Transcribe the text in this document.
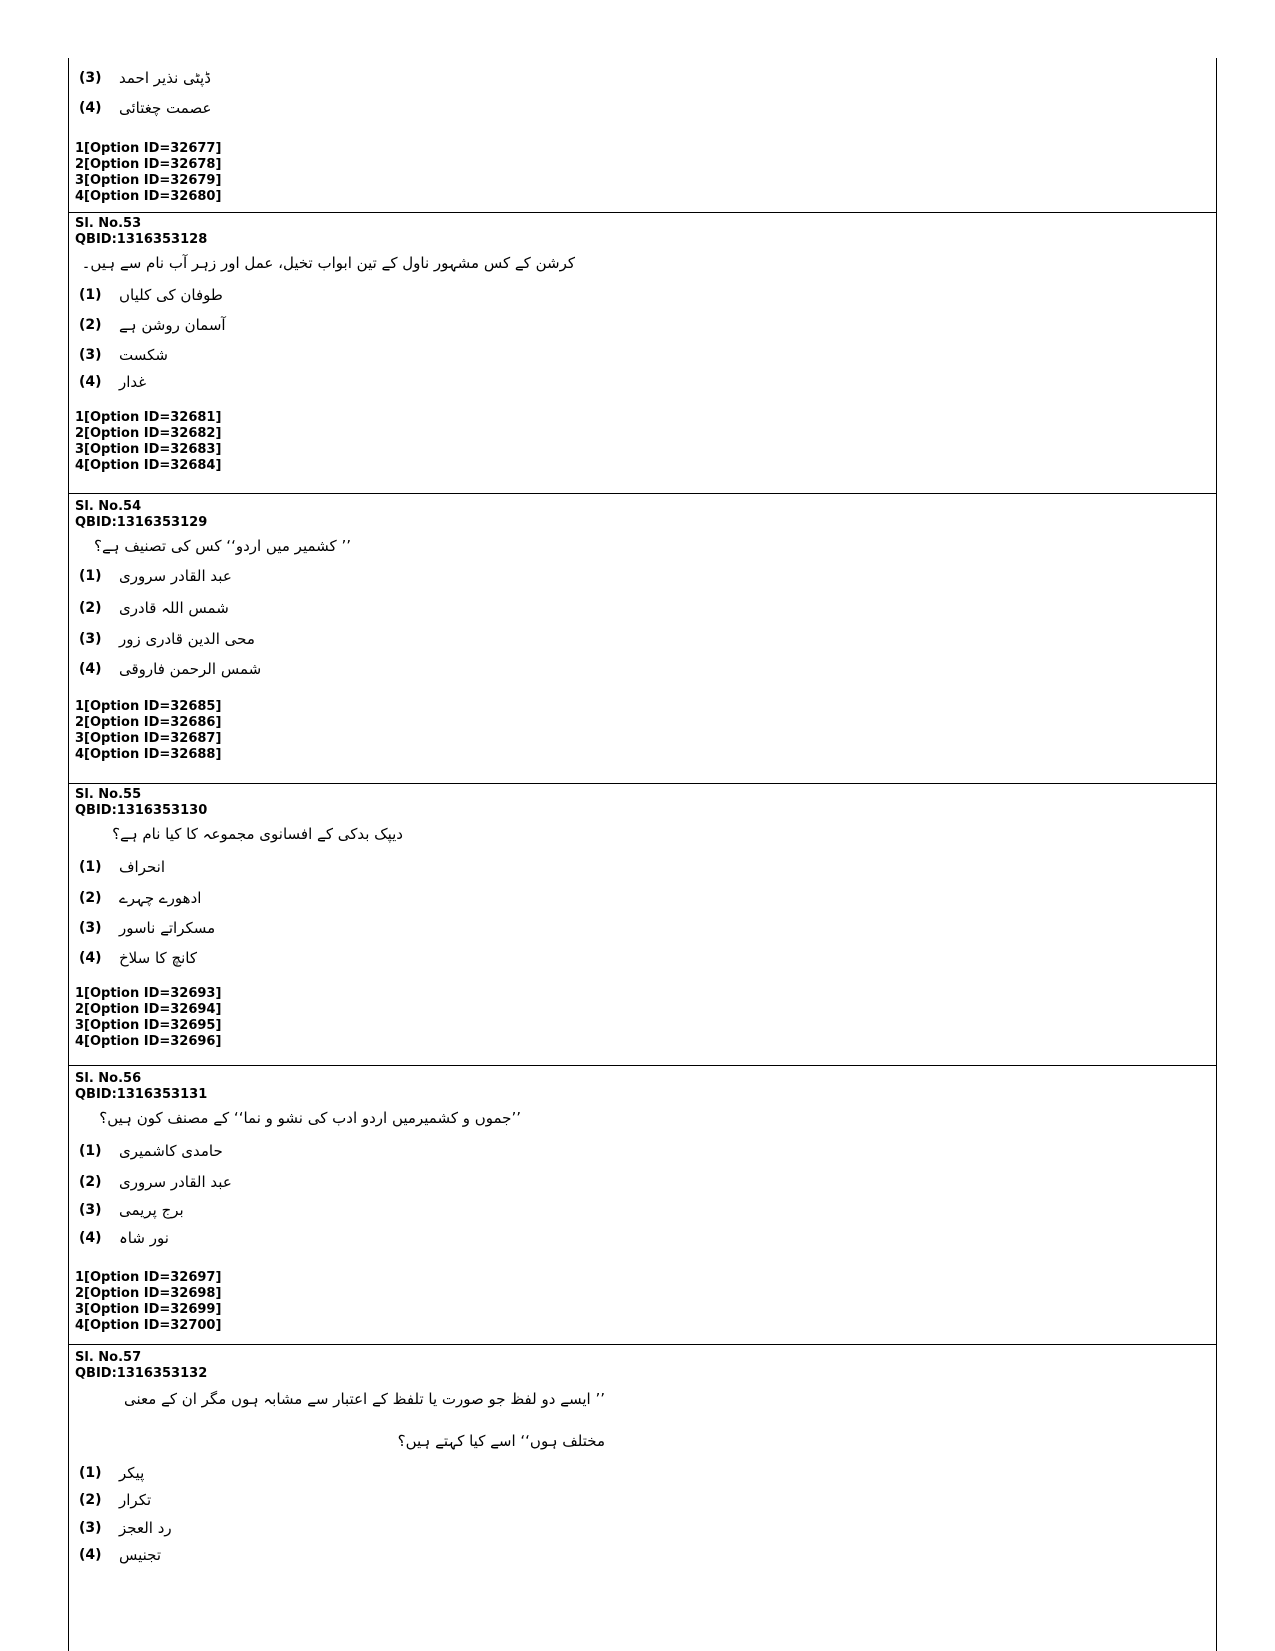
(3)	ڈپٹی نذیر احمد
(4)	عصمت چغتائی
1[Option ID=32677]
2[Option ID=32678]
3[Option ID=32679]
4[Option ID=32680]
Sl. No.53
QBID:1316353128
کرشن کے کس مشہور ناول کے تین ابواب تخیل، عمل اور زہر آب نام سے ہیں۔
(1)	طوفان کی کلیاں
(2)	آسمان روشن ہے
(3)	شکست
(4)	غدار
1[Option ID=32681]
2[Option ID=32682]
3[Option ID=32683]
4[Option ID=32684]
Sl. No.54
QBID:1316353129
’’ کشمیر میں اردو‘‘ کس کی تصنیف ہے؟
(1)	عبد القادر سروری
(2)	شمس اللہ قادری
(3)	محی الدین قادری زور
(4)	شمس الرحمن فاروقی
1[Option ID=32685]
2[Option ID=32686]
3[Option ID=32687]
4[Option ID=32688]
Sl. No.55
QBID:1316353130
دیپک بدکی کے افسانوی مجموعہ کا کیا نام ہے؟
(1)	انحراف
(2)	ادھورے چہرے
(3)	مسکراتے ناسور
(4)	کانچ کا سلاخ
1[Option ID=32693]
2[Option ID=32694]
3[Option ID=32695]
4[Option ID=32696]
Sl. No.56
QBID:1316353131
’’جموں و کشمیرمیں اردو ادب کی نشو و نما‘‘ کے مصنف کون ہیں؟
(1)	حامدی کاشمیری
(2)	عبد القادر سروری
(3)	برج پریمی
(4)	نور شاہ
1[Option ID=32697]
2[Option ID=32698]
3[Option ID=32699]
4[Option ID=32700]
Sl. No.57
QBID:1316353132
’’ ایسے دو لفظ جو صورت یا تلفظ کے اعتبار سے مشابہ ہوں مگر ان کے معنی
مختلف ہوں‘‘ اسے کیا کہتے ہیں؟
(1)	پیکر
(2)	تکرار
(3)	رد العجز
(4)	تجنیس
